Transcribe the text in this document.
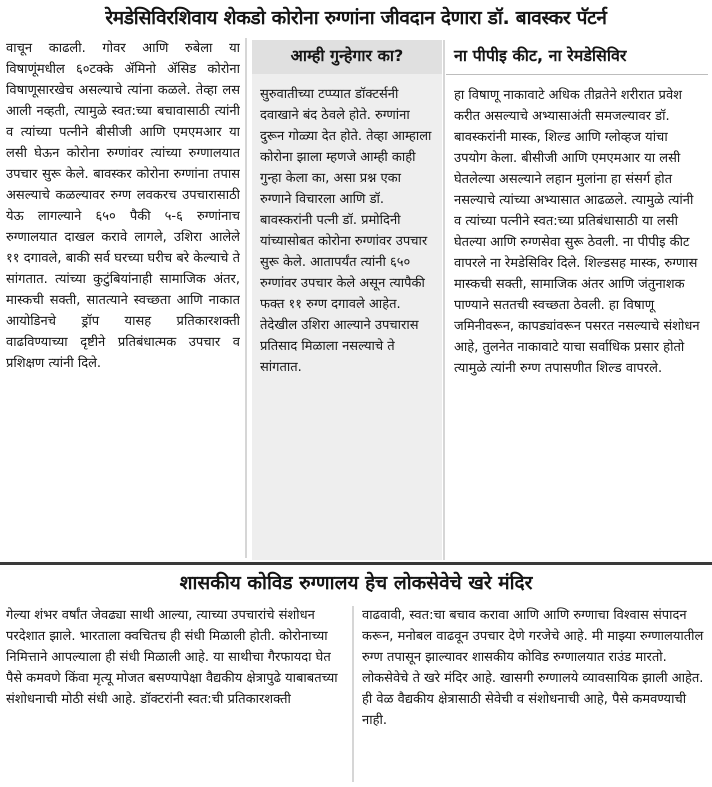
रेमडेसिविरशिवाय शेकडो कोरोना रुग्णांना जीवदान देणारा डॉ. बावस्कर पॅटर्न

वाचून काढली. गोवर आणि रुबेला या विषाणूंमधील ६०टक्के ॲमिनो ॲसिड कोरोना विषाणूसारखेच असल्याचे त्यांना कळले. तेव्हा लस आली नव्हती, त्यामुळे स्वत:च्या बचावासाठी त्यांनी व त्यांच्या पत्नीने बीसीजी आणि एमएमआर या लसी घेऊन कोरोना रुग्णांवर त्यांच्या रुग्णालयात उपचार सुरू केले. बावस्कर कोरोना रुग्णांना तपास असल्याचे कळल्यावर रुग्ण लवकरच उपचारासाठी येऊ लागल्याने ६५० पैकी ५-६ रुग्णांनाच रुग्णालयात दाखल करावे लागले, उशिरा आलेले ११ दगावले, बाकी सर्व घरच्या घरीच बरे केल्याचे ते सांगतात. त्यांच्या कुटुंबियांनाही सामाजिक अंतर, मास्कची सक्ती, सातत्याने स्वच्छता आणि नाकात आयोडिनचे ड्रॉप यासह प्रतिकारशक्ती वाढविण्याच्या दृष्टीने प्रतिबंधात्मक उपचार व प्रशिक्षण त्यांनी दिले.

आम्ही गुन्हेगार का?

सुरुवातीच्या टप्प्यात डॉक्टर्सनी दवाखाने बंद ठेवले होते. रुग्णांना दुरून गोळ्या देत होते. तेव्हा आम्हाला कोरोना झाला म्हणजे आम्ही काही गुन्हा केला का, असा प्रश्न एका रुग्णाने विचारला आणि डॉ. बावस्करांनी पत्नी डॉ. प्रमोदिनी यांच्यासोबत कोरोना रुग्णांवर उपचार सुरू केले. आतापर्यंत त्यांनी ६५० रुग्णांवर उपचार केले असून त्यापैकी फक्त ११ रुग्ण दगावले आहेत. तेदेखील उशिरा आल्याने उपचारास प्रतिसाद मिळाला नसल्याचे ते सांगतात.

ना पीपीइ कीट, ना रेमडेसिविर

हा विषाणू नाकावाटे अधिक तीव्रतेने शरीरात प्रवेश करीत असल्याचे अभ्यासाअंती समजल्यावर डॉ. बावस्करांनी मास्क, शिल्ड आणि ग्लोव्हज यांचा उपयोग केला. बीसीजी आणि एमएमआर या लसी घेतलेल्या असल्याने लहान मुलांना हा संसर्ग होत नसल्याचे त्यांच्या अभ्यासात आढळले. त्यामुळे त्यांनी व त्यांच्या पत्नीने स्वत:च्या प्रतिबंधासाठी या लसी घेतल्या आणि रुग्णसेवा सुरू ठेवली. ना पीपीइ कीट वापरले ना रेमडेसिविर दिले. शिल्डसह मास्क, रुग्णास मास्कची सक्ती, सामाजिक अंतर आणि जंतुनाशक पाण्याने सततची स्वच्छता ठेवली. हा विषाणू जमिनीवरून, कापड्यांवरून पसरत नसल्याचे संशोधन आहे, तुलनेत नाकावाटे याचा सर्वाधिक प्रसार होतो त्यामुळे त्यांनी रुग्ण तपासणीत शिल्ड वापरले.

शासकीय कोविड रुग्णालय हेच लोकसेवेचे खरे मंदिर

गेल्या शंभर वर्षांत जेवढ्या साथी आल्या, त्याच्या उपचारांचे संशोधन परदेशात झाले. भारताला क्वचितच ही संधी मिळाली होती. कोरोनाच्या निमित्ताने आपल्याला ही संधी मिळाली आहे. या साथीचा गैरफायदा घेत पैसे कमवणे किंवा मृत्यू मोजत बसण्यापेक्षा वैद्यकीय क्षेत्रापुढे याबाबतच्या संशोधनाची मोठी संधी आहे. डॉक्टरांनी स्वत:ची प्रतिकारशक्ती

वाढवावी, स्वत:चा बचाव करावा आणि आणि रुग्णाचा विश्वास संपादन करून, मनोबल वाढवून उपचार देणे गरजेचे आहे. मी माझ्या रुग्णालयातील रुग्ण तपासून झाल्यावर शासकीय कोविड रुग्णालयात राउंड मारतो. लोकसेवेचे ते खरे मंदिर आहे. खासगी रुग्णालये व्यावसायिक झाली आहेत. ही वेळ वैद्यकीय क्षेत्रासाठी सेवेची व संशोधनाची आहे, पैसे कमवण्याची नाही.
